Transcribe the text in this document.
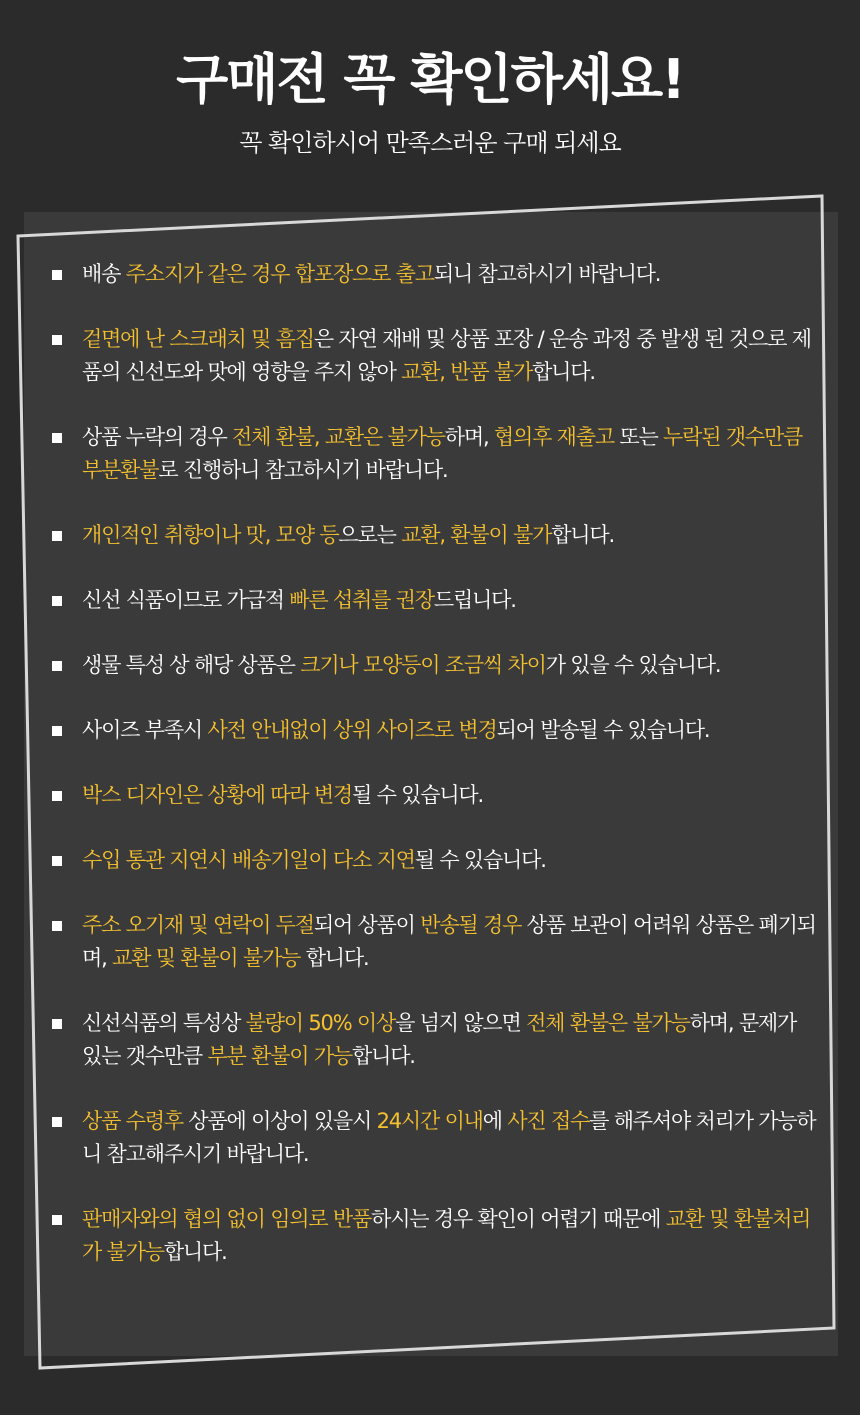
구매전 꼭 확인하세요!
꼭 확인하시어 만족스러운 구매 되세요
배송 주소지가 같은 경우 합포장으로 출고되니 참고하시기 바랍니다.
겉면에 난 스크래치 및 흠집은 자연 재배 및 상품 포장 / 운송 과정 중 발생 된 것으로 제품의 신선도와 맛에 영향을 주지 않아 교환, 반품 불가합니다.
상품 누락의 경우 전체 환불, 교환은 불가능하며, 협의후 재출고 또는 누락된 갯수만큼 부분환불로 진행하니 참고하시기 바랍니다.
개인적인 취향이나 맛, 모양 등으로는 교환, 환불이 불가합니다.
신선 식품이므로 가급적 빠른 섭취를 권장드립니다.
생물 특성 상 해당 상품은 크기나 모양등이 조금씩 차이가 있을 수 있습니다.
사이즈 부족시 사전 안내없이 상위 사이즈로 변경되어 발송될 수 있습니다.
박스 디자인은 상황에 따라 변경될 수 있습니다.
수입 통관 지연시 배송기일이 다소 지연될 수 있습니다.
주소 오기재 및 연락이 두절되어 상품이 반송될 경우 상품 보관이 어려워 상품은 폐기되며, 교환 및 환불이 불가능 합니다.
신선식품의 특성상 불량이 50% 이상을 넘지 않으면 전체 환불은 불가능하며, 문제가 있는 갯수만큼 부분 환불이 가능합니다.
상품 수령후 상품에 이상이 있을시 24시간 이내에 사진 접수를 해주셔야 처리가 가능하니 참고해주시기 바랍니다.
판매자와의 협의 없이 임의로 반품하시는 경우 확인이 어렵기 때문에 교환 및 환불처리가 불가능합니다.
